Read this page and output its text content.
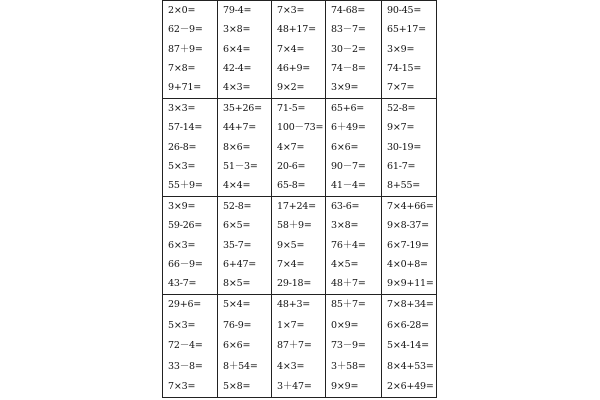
2×0=
62－9=
87＋9=
7×8=
9+71=
79-4=
3×8=
6×4=
42-4=
4×3=
7×3=
48+17=
7×4=
46+9=
9×2=
74-68=
83－7=
30－2=
74－8=
3×9=
90-45=
65+17=
3×9=
74-15=
7×7=
3×3=
57-14=
26-8=
5×3=
55＋9=
35+26=
44+7=
8×6=
51－3=
4×4=
71-5=
100－73=
4×7=
20-6=
65-8=
65+6=
6＋49=
6×6=
90－7=
41－4=
52-8=
9×7=
30-19=
61-7=
8+55=
3×9=
59-26=
6×3=
66－9=
43-7=
52-8=
6×5=
35-7=
6+47=
8×5=
17+24=
58＋9=
9×5=
7×4=
29-18=
63-6=
3×8=
76＋4=
4×5=
48＋7=
7×4+66=
9×8-37=
6×7-19=
4×0+8=
9×9+11=
29+6=
5×3=
72－4=
33－8=
7×3=
5×4=
76-9=
6×6=
8＋54=
5×8=
48+3=
1×7=
87＋7=
4×3=
3＋47=
85＋7=
0×9=
73－9=
3＋58=
9×9=
7×8+34=
6×6-28=
5×4-14=
8×4+53=
2×6+49=
